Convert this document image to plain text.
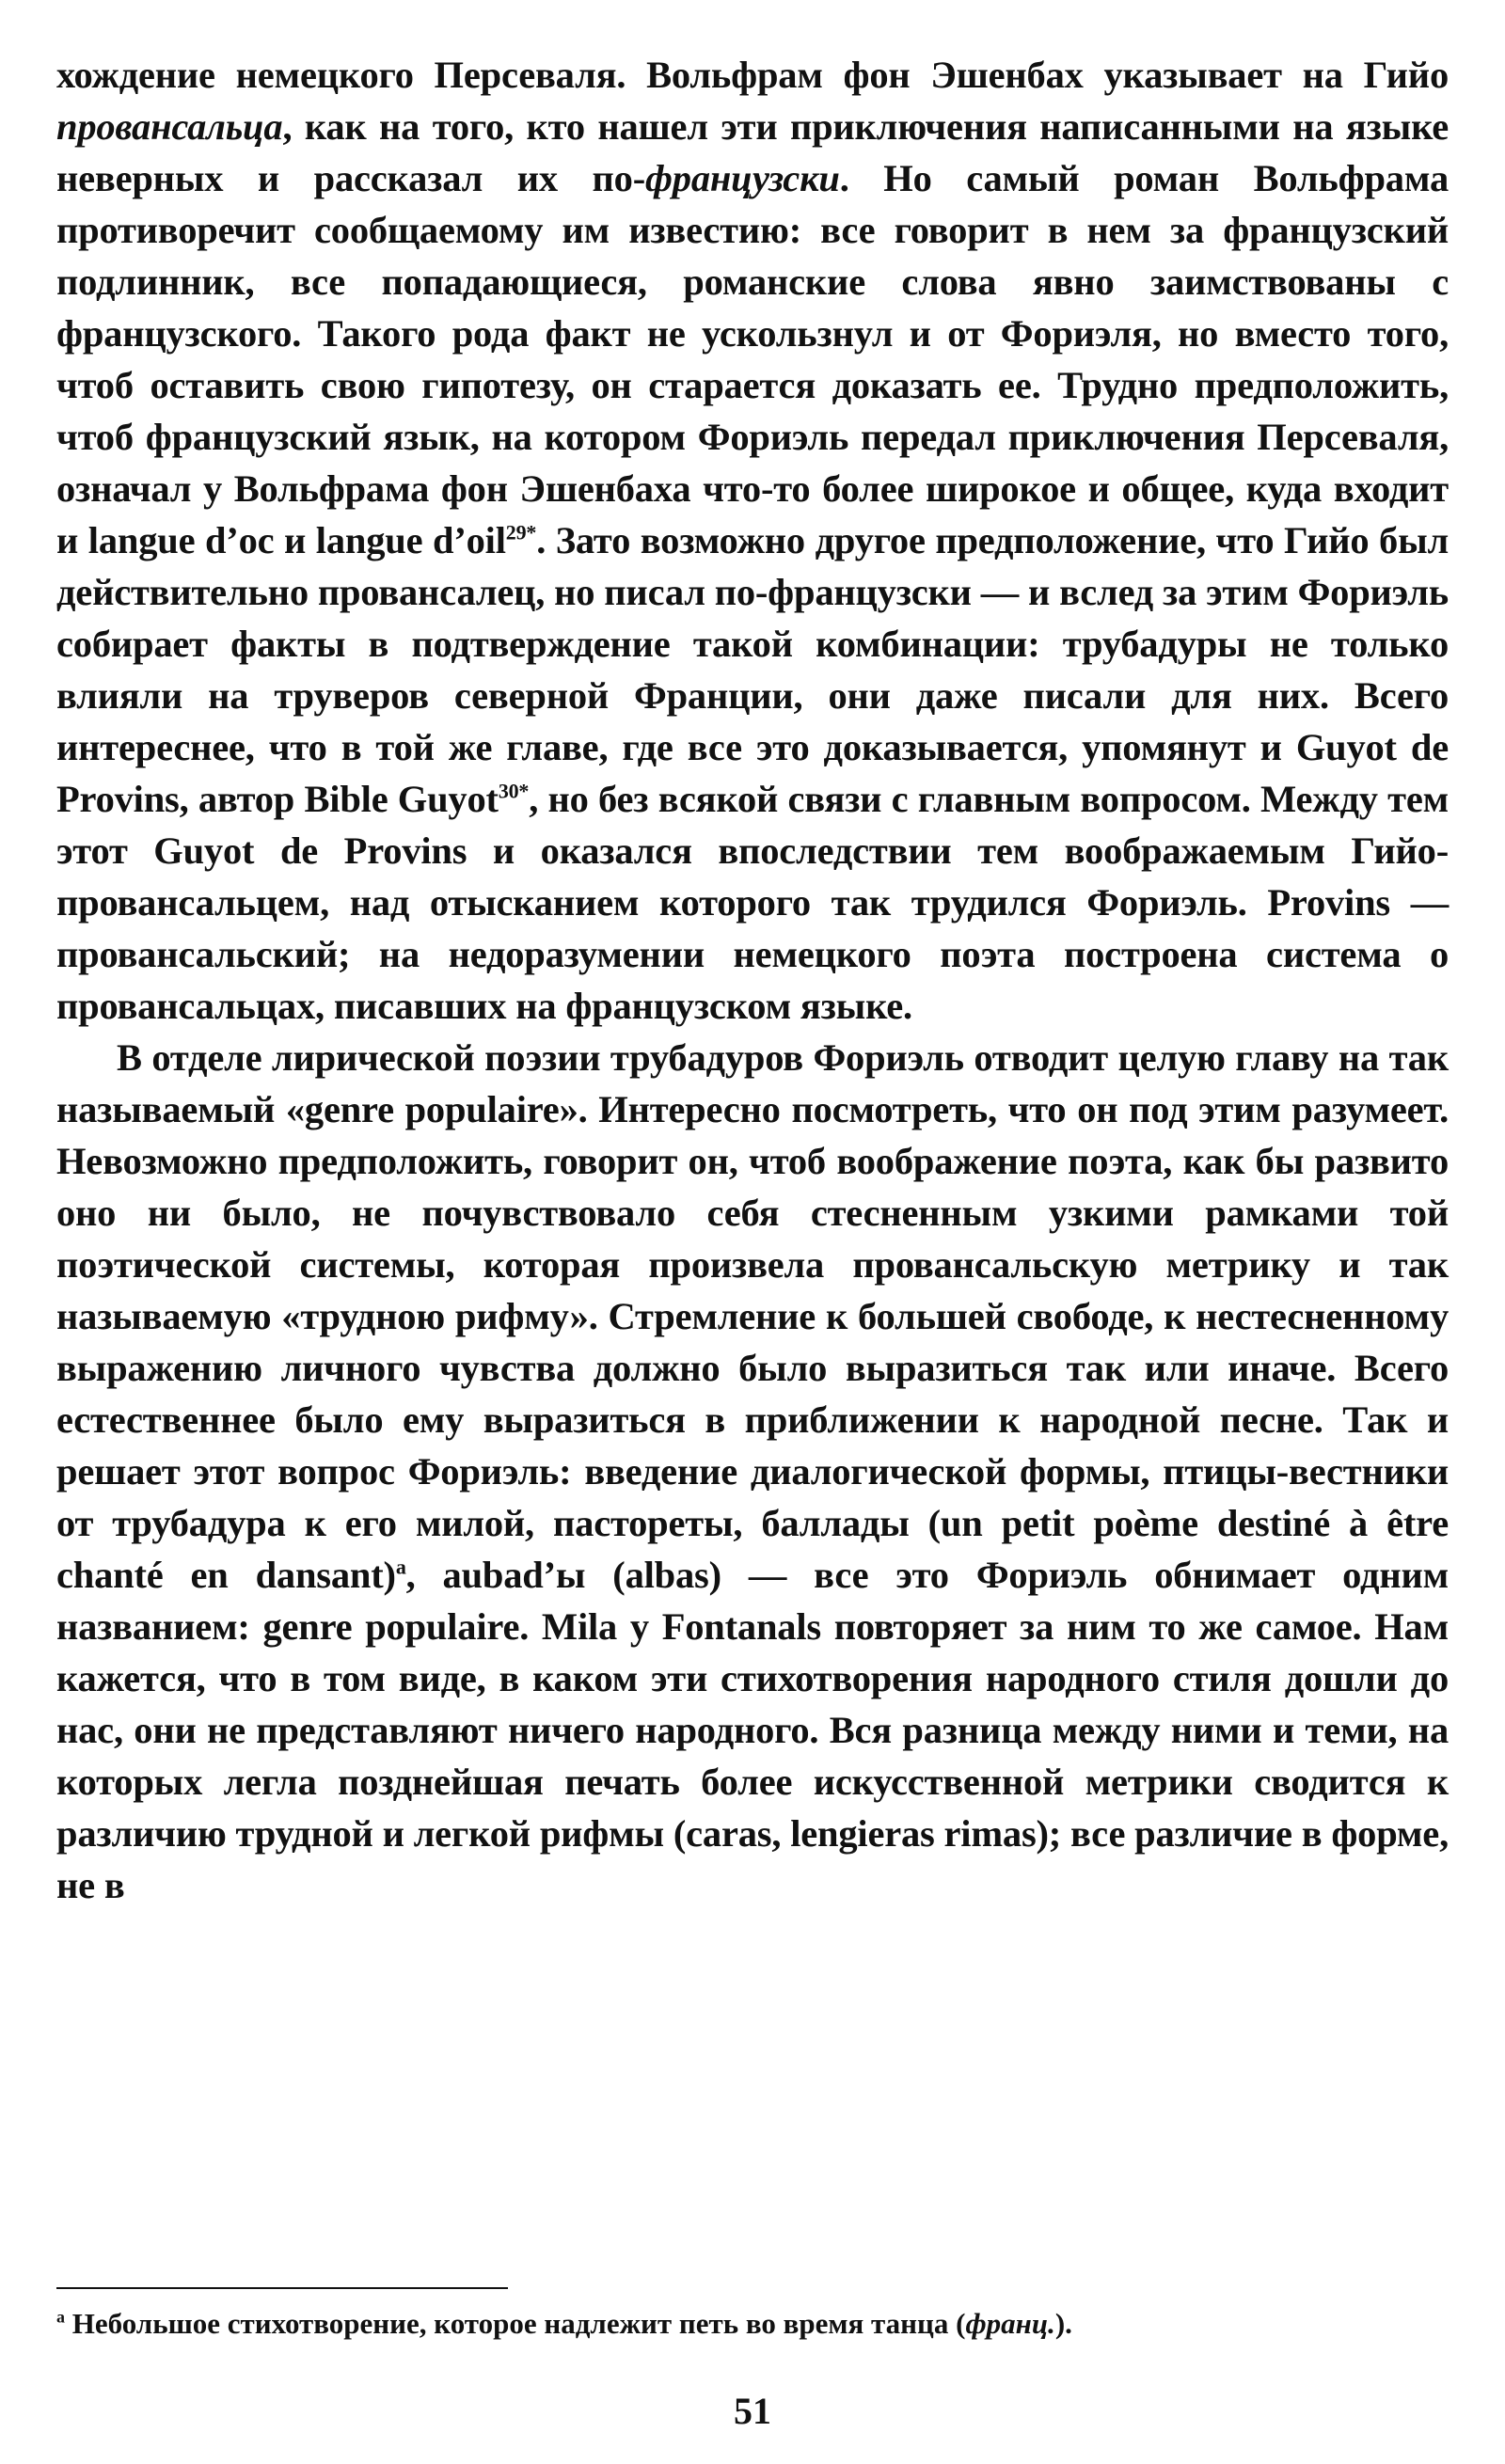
хождение немецкого Персеваля. Вольфрам фон Эшенбах указывает на Гийо провансальца, как на того, кто нашел эти приключения написанными на языке неверных и рассказал их по-французски. Но самый роман Вольфрама противоречит сообщаемому им известию: все говорит в нем за французский подлинник, все попадающиеся, романские слова явно заимствованы с французского. Такого рода факт не ускользнул и от Фориэля, но вместо того, чтоб оставить свою гипотезу, он старается доказать ее. Трудно предположить, чтоб французский язык, на котором Фориэль передал приключения Персеваля, означал у Вольфрама фон Эшенбаха что-то более широкое и общее, куда входит и langue d’oc и langue d’oil$^{29*}$. Зато возможно другое предположение, что Гийо был действительно провансалец, но писал по-французски — и вслед за этим Фориэль собирает факты в подтверждение такой комбинации: трубадуры не только влияли на труверов северной Франции, они даже писали для них. Всего интереснее, что в той же главе, где все это доказывается, упомянут и Guyot de Provins, автор Bible Guyot$^{30*}$, но без всякой связи с главным вопросом. Между тем этот Guyot de Provins и оказался впоследствии тем воображаемым Гийо-провансальцем, над отысканием которого так трудился Фориэль. Provins — провансальский; на недоразумении немецкого поэта построена система о провансальцах, писавших на французском языке.
В отделе лирической поэзии трубадуров Фориэль отводит целую главу на так называемый «genre populaire». Интересно посмотреть, что он под этим разумеет. Невозможно предположить, говорит он, чтоб воображение поэта, как бы развито оно ни было, не почувствовало себя стесненным узкими рамками той поэтической системы, которая произвела провансальскую метрику и так называемую «трудною рифму». Стремление к большей свободе, к нестесненному выражению личного чувства должно было выразиться так или иначе. Всего естественнее было ему выразиться в приближении к народной песне. Так и решает этот вопрос Фориэль: введение диалогической формы, птицы-вестники от трубадура к его милой, пастореты, баллады (un petit poème destiné à être chanté en dansant)$^а$, aubad’ы (albas) — все это Фориэль обнимает одним названием: genre populaire. Mila y Fontanals повторяет за ним то же самое. Нам кажется, что в том виде, в каком эти стихотворения народного стиля дошли до нас, они не представляют ничего народного. Вся разница между ними и теми, на которых легла позднейшая печать более искусственной метрики сводится к различию трудной и легкой рифмы (caras, lengieras rimas); все различие в форме, не в
$^а$ Небольшое стихотворение, которое надлежит петь во время танца (франц.).
51
